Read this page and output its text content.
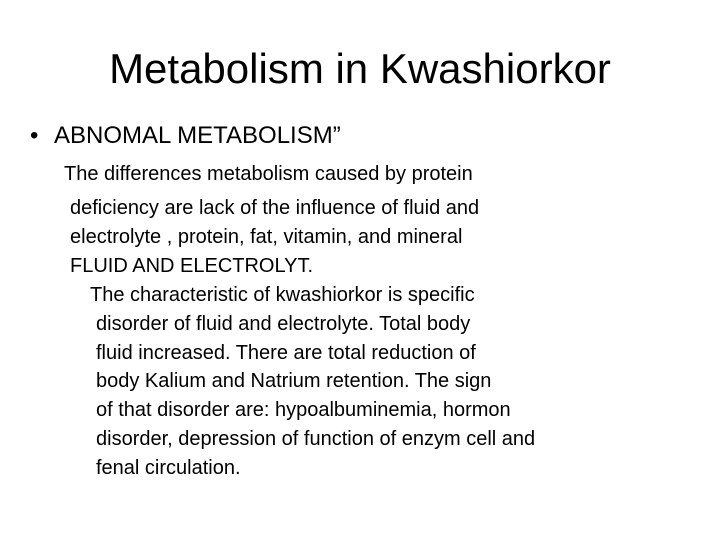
Metabolism in Kwashiorkor
• ABNOMAL METABOLISM”
The differences metabolism caused by protein
deficiency are lack of the influence of fluid and
electrolyte , protein, fat, vitamin, and mineral
FLUID AND ELECTROLYT.
The characteristic of kwashiorkor is specific
disorder of fluid and electrolyte. Total body
fluid increased. There are total reduction of
body Kalium and Natrium retention. The sign
of that disorder are: hypoalbuminemia, hormon
disorder, depression of function of enzym cell and
fenal circulation.
